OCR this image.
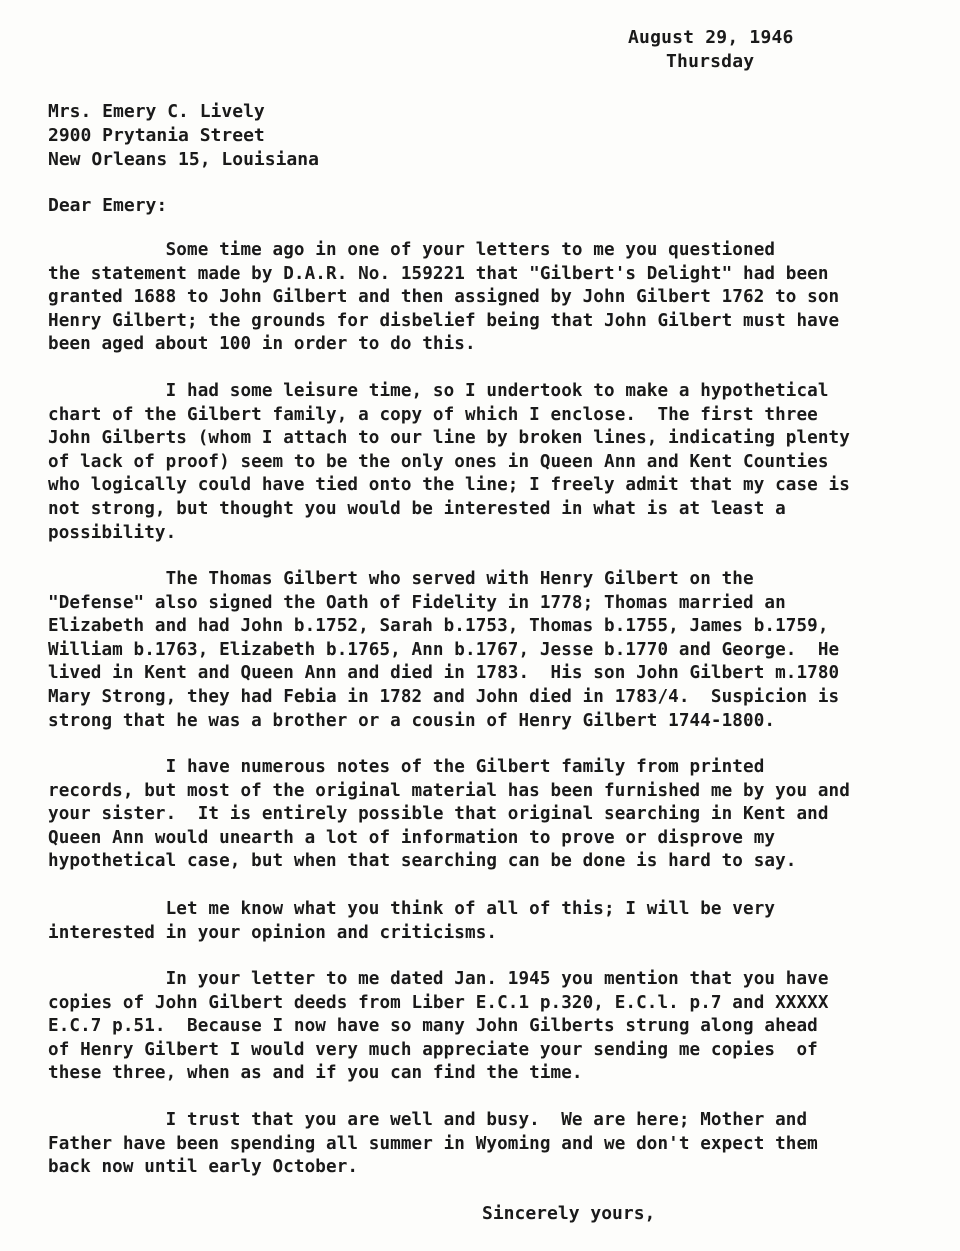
August 29, 1946

Thursday
Mrs. Emery C. Lively
2900 Prytania Street
New Orleans 15, Louisiana
Dear Emery:
Some time ago in one of your letters to me you questioned
the statement made by D.A.R. No. 159221 that "Gilbert's Delight" had been
granted 1688 to John Gilbert and then assigned by John Gilbert 1762 to son
Henry Gilbert; the grounds for disbelief being that John Gilbert must have
been aged about 100 in order to do this.
I had some leisure time, so I undertook to make a hypothetical
chart of the Gilbert family, a copy of which I enclose.  The first three
John Gilberts (whom I attach to our line by broken lines, indicating plenty
of lack of proof) seem to be the only ones in Queen Ann and Kent Counties
who logically could have tied onto the line; I freely admit that my case is
not strong, but thought you would be interested in what is at least a
possibility.
The Thomas Gilbert who served with Henry Gilbert on the
"Defense" also signed the Oath of Fidelity in 1778; Thomas married an
Elizabeth and had John b.1752, Sarah b.1753, Thomas b.1755, James b.1759,
William b.1763, Elizabeth b.1765, Ann b.1767, Jesse b.1770 and George.  He
lived in Kent and Queen Ann and died in 1783.  His son John Gilbert m.1780
Mary Strong, they had Febia in 1782 and John died in 1783/4.  Suspicion is
strong that he was a brother or a cousin of Henry Gilbert 1744-1800.
I have numerous notes of the Gilbert family from printed
records, but most of the original material has been furnished me by you and
your sister.  It is entirely possible that original searching in Kent and
Queen Ann would unearth a lot of information to prove or disprove my
hypothetical case, but when that searching can be done is hard to say.
Let me know what you think of all of this; I will be very
interested in your opinion and criticisms.
In your letter to me dated Jan. 1945 you mention that you have
copies of John Gilbert deeds from Liber E.C.1 p.320, E.C.l. p.7 and XXXXX
E.C.7 p.51.  Because I now have so many John Gilberts strung along ahead
of Henry Gilbert I would very much appreciate your sending me copies  of
these three, when as and if you can find the time.
I trust that you are well and busy.  We are here; Mother and
Father have been spending all summer in Wyoming and we don't expect them
back now until early October.
Sincerely yours,
